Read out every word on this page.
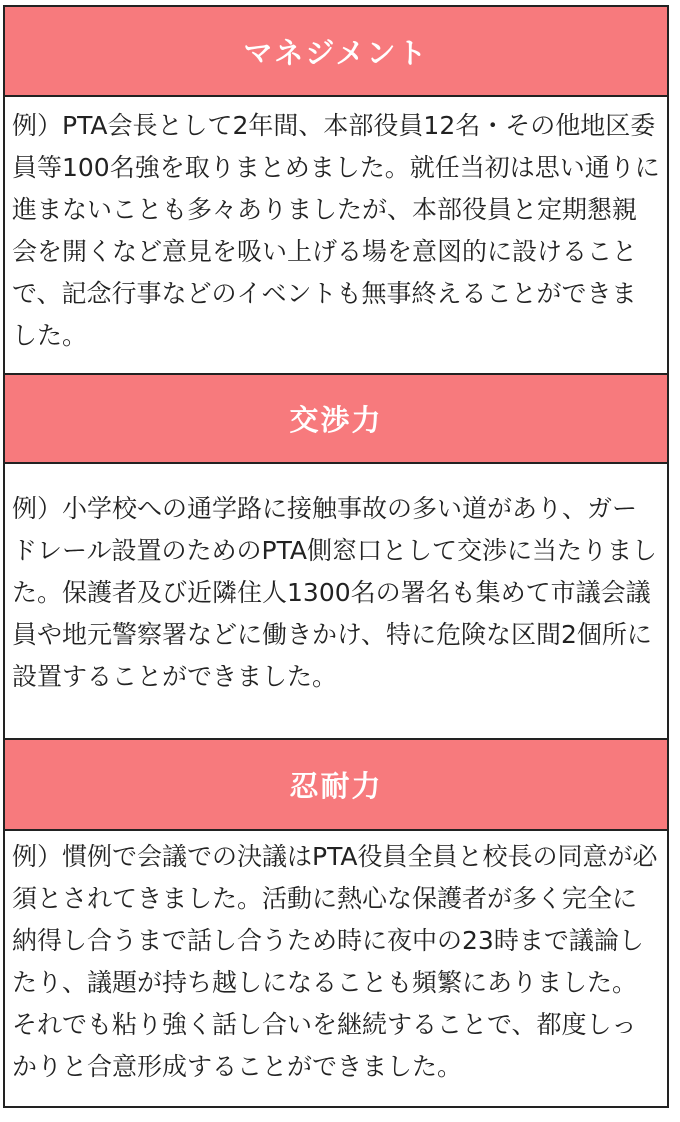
マネジメント
例）PTA会長として2年間、本部役員12名・その他地区委員等100名強を取りまとめました。就任当初は思い通りに進まないことも多々ありましたが、本部役員と定期懇親会を開くなど意見を吸い上げる場を意図的に設けることで、記念行事などのイベントも無事終えることができました。
交渉力
例）小学校への通学路に接触事故の多い道があり、ガードレール設置のためのPTA側窓口として交渉に当たりました。保護者及び近隣住人1300名の署名も集めて市議会議員や地元警察署などに働きかけ、特に危険な区間2個所に設置することができました。
忍耐力
例）慣例で会議での決議はPTA役員全員と校長の同意が必須とされてきました。活動に熱心な保護者が多く完全に納得し合うまで話し合うため時に夜中の23時まで議論したり、議題が持ち越しになることも頻繁にありました。それでも粘り強く話し合いを継続することで、都度しっかりと合意形成することができました。
